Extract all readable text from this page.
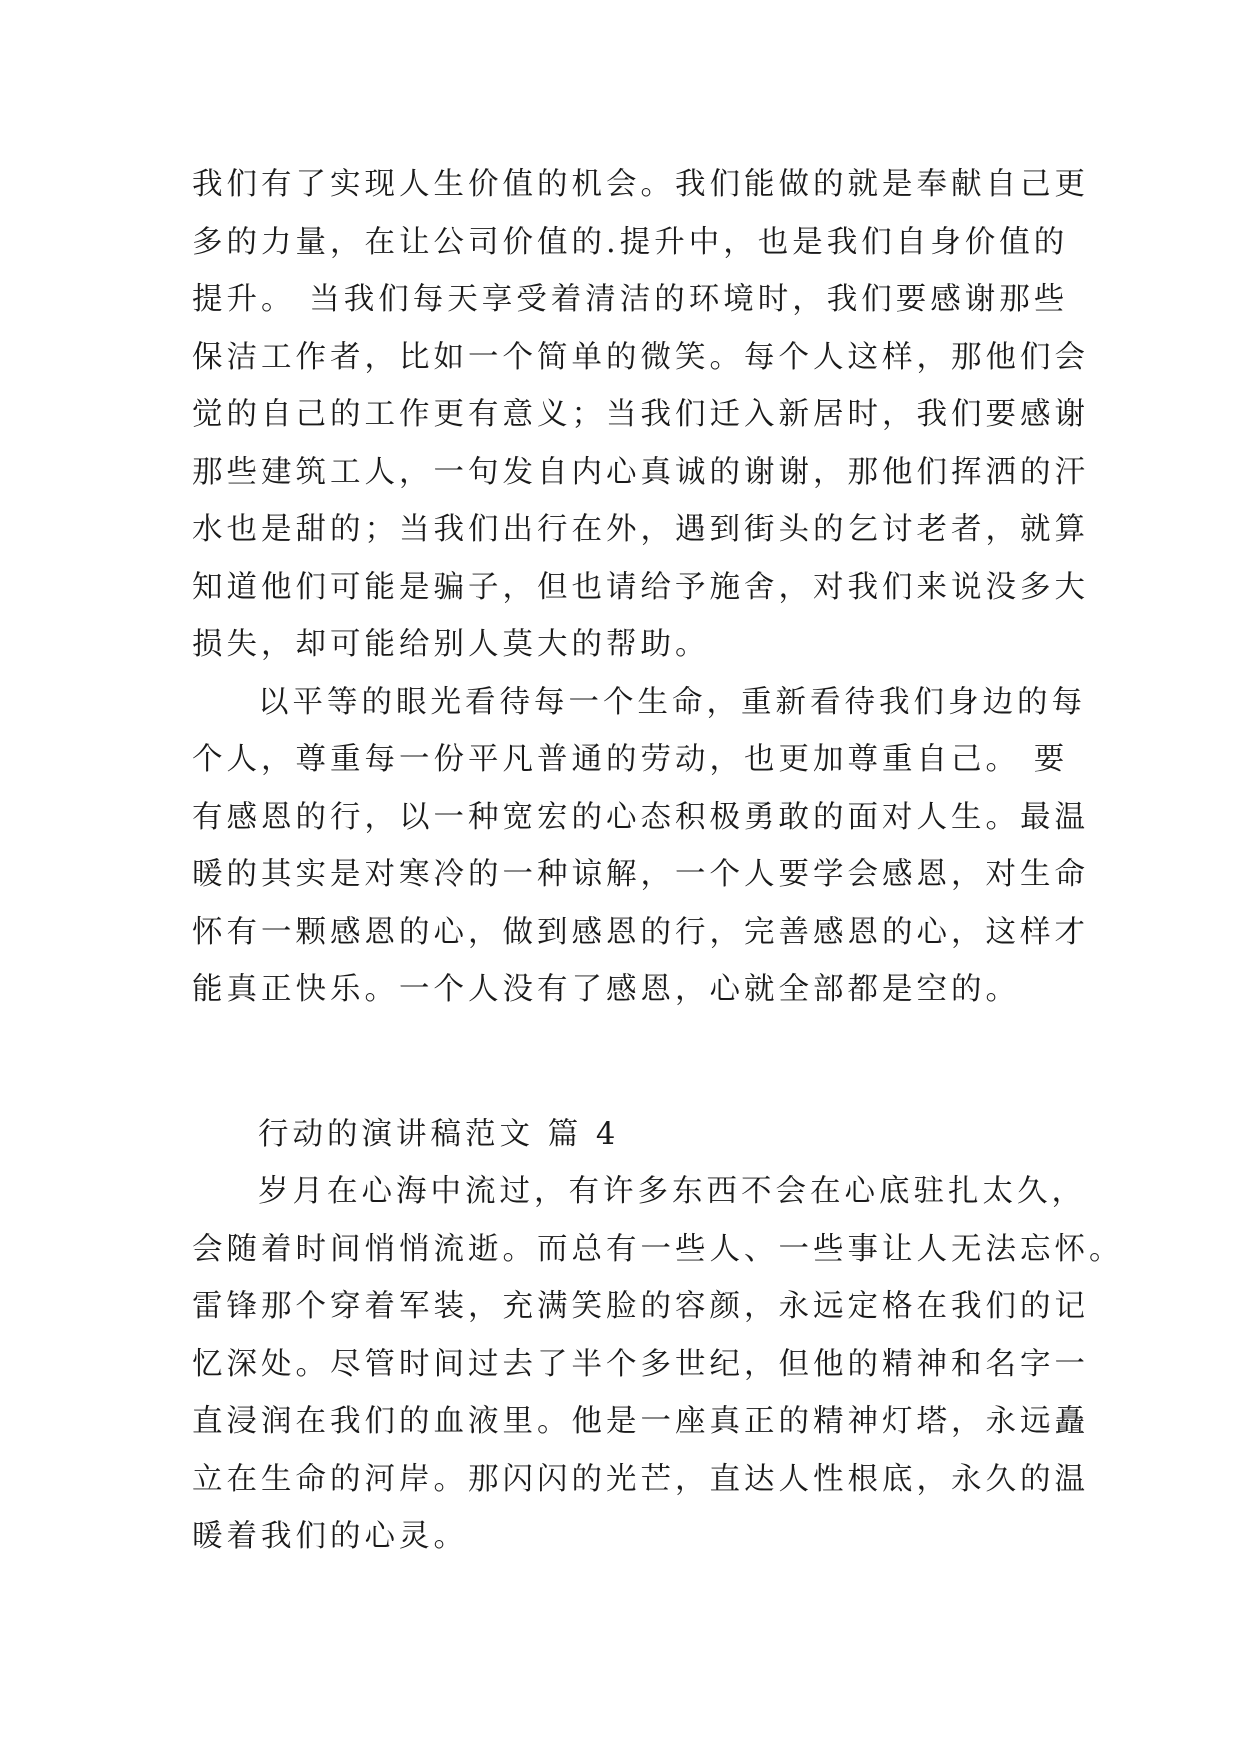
我们有了实现人生价值的机会。我们能做的就是奉献自己更
多的力量，在让公司价值的.提升中，也是我们自身价值的
提升。 当我们每天享受着清洁的环境时，我们要感谢那些
保洁工作者，比如一个简单的微笑。每个人这样，那他们会
觉的自己的工作更有意义；当我们迁入新居时，我们要感谢
那些建筑工人，一句发自内心真诚的谢谢，那他们挥洒的汗
水也是甜的；当我们出行在外，遇到街头的乞讨老者，就算
知道他们可能是骗子，但也请给予施舍，对我们来说没多大
损失，却可能给别人莫大的帮助。
以平等的眼光看待每一个生命，重新看待我们身边的每
个人，尊重每一份平凡普通的劳动，也更加尊重自己。 要
有感恩的行，以一种宽宏的心态积极勇敢的面对人生。最温
暖的其实是对寒冷的一种谅解，一个人要学会感恩，对生命
怀有一颗感恩的心，做到感恩的行，完善感恩的心，这样才
能真正快乐。一个人没有了感恩，心就全部都是空的。
行动的演讲稿范文 篇 4
岁月在心海中流过，有许多东西不会在心底驻扎太久，
会随着时间悄悄流逝。而总有一些人、一些事让人无法忘怀。
雷锋那个穿着军装，充满笑脸的容颜，永远定格在我们的记
忆深处。尽管时间过去了半个多世纪，但他的精神和名字一
直浸润在我们的血液里。他是一座真正的精神灯塔，永远矗
立在生命的河岸。那闪闪的光芒，直达人性根底，永久的温
暖着我们的心灵。
